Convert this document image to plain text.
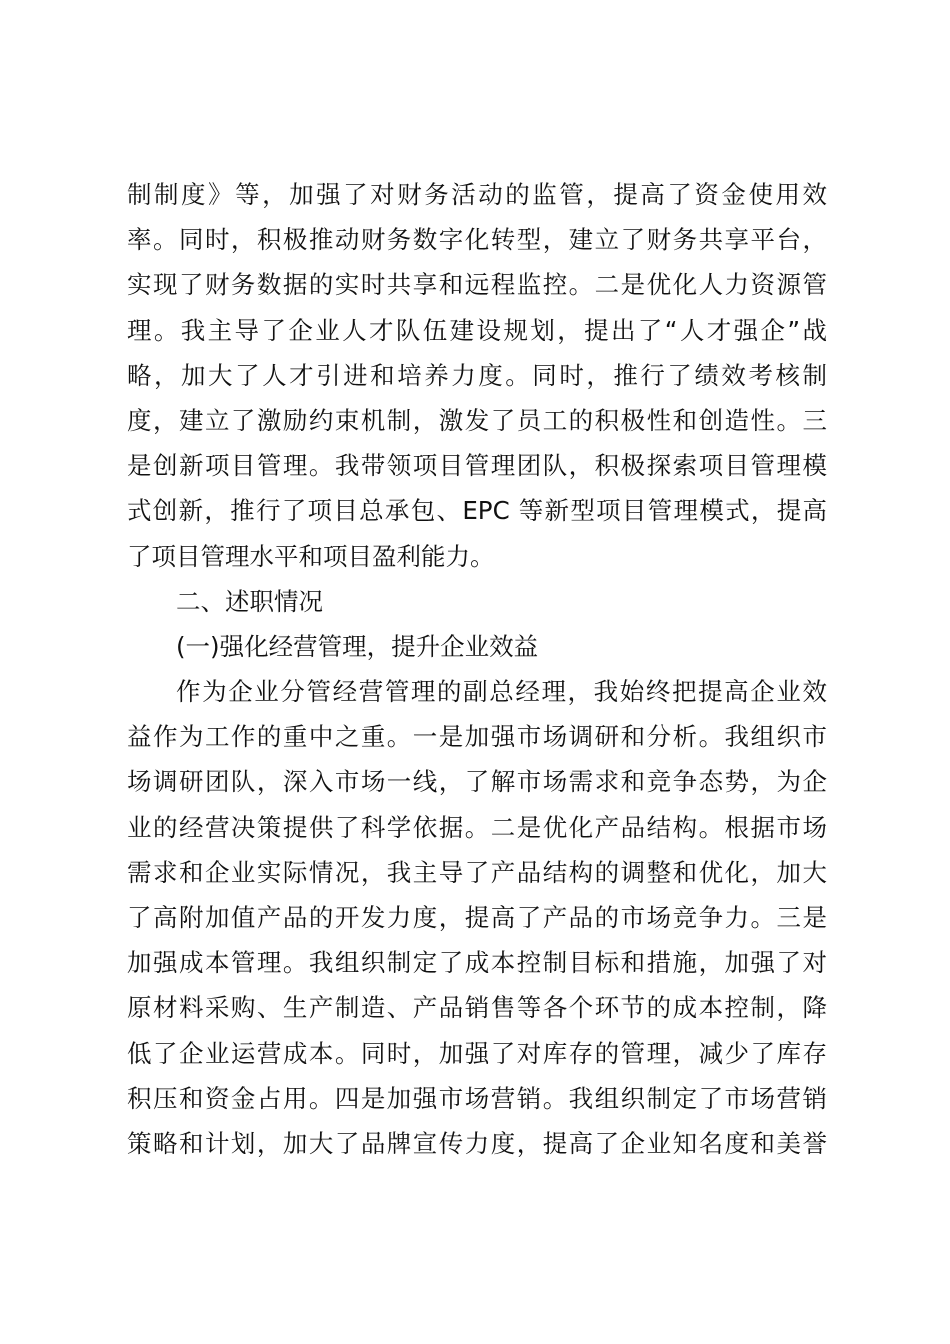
制制度》等，加强了对财务活动的监管，提高了资金使用效
率。同时，积极推动财务数字化转型，建立了财务共享平台，
实现了财务数据的实时共享和远程监控。二是优化人力资源管
理。我主导了企业人才队伍建设规划，提出了“人才强企”战
略，加大了人才引进和培养力度。同时，推行了绩效考核制
度，建立了激励约束机制，激发了员工的积极性和创造性。三
是创新项目管理。我带领项目管理团队，积极探索项目管理模
式创新，推行了项目总承包、EPC 等新型项目管理模式，提高
了项目管理水平和项目盈利能力。
二、述职情况
(一)强化经营管理，提升企业效益
作为企业分管经营管理的副总经理，我始终把提高企业效
益作为工作的重中之重。一是加强市场调研和分析。我组织市
场调研团队，深入市场一线，了解市场需求和竞争态势，为企
业的经营决策提供了科学依据。二是优化产品结构。根据市场
需求和企业实际情况，我主导了产品结构的调整和优化，加大
了高附加值产品的开发力度，提高了产品的市场竞争力。三是
加强成本管理。我组织制定了成本控制目标和措施，加强了对
原材料采购、生产制造、产品销售等各个环节的成本控制，降
低了企业运营成本。同时，加强了对库存的管理，减少了库存
积压和资金占用。四是加强市场营销。我组织制定了市场营销
策略和计划，加大了品牌宣传力度，提高了企业知名度和美誉
